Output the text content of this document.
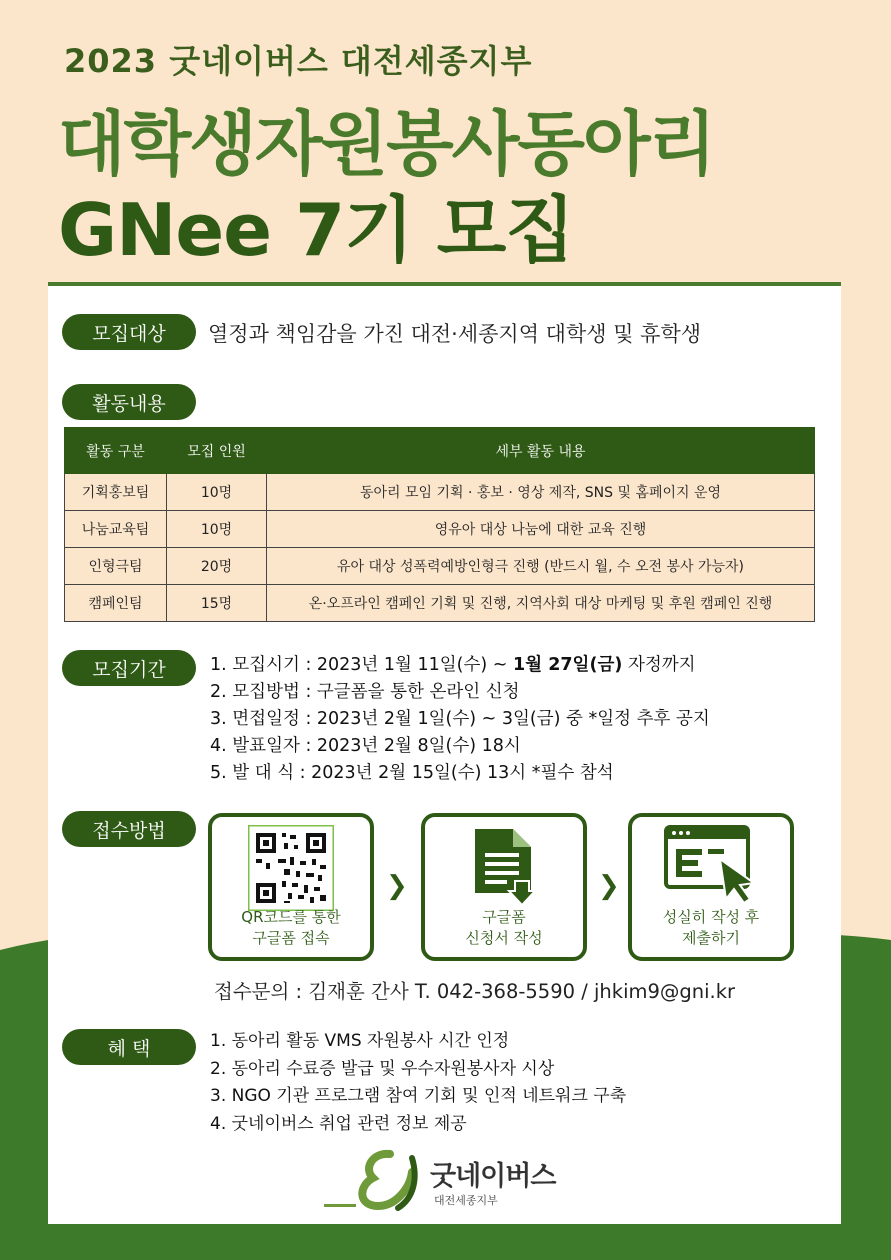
2023 굿네이버스 대전세종지부
대학생자원봉사동아리
GNee 7기 모집
모집대상	열정과 책임감을 가진 대전·세종지역 대학생 및 휴학생
활동내용
활동 구분	모집 인원	세부 활동 내용
기획홍보팀	10명	동아리 모임 기획 · 홍보 · 영상 제작, SNS 및 홈페이지 운영
나눔교육팀	10명	영유아 대상 나눔에 대한 교육 진행
인형극팀	20명	유아 대상 성폭력예방인형극 진행 (반드시 월, 수 오전 봉사 가능자)
캠페인팀	15명	온·오프라인 캠페인 기획 및 진행, 지역사회 대상 마케팅 및 후원 캠페인 진행
모집기간	1. 모집시기 : 2023년 1월 11일(수) ~ 1월 27일(금) 자정까지
2. 모집방법 : 구글폼을 통한 온라인 신청
3. 면접일정 : 2023년 2월 1일(수) ~ 3일(금) 중 *일정 추후 공지
4. 발표일자 : 2023년 2월 8일(수) 18시
5. 발 대 식 : 2023년 2월 15일(수) 13시 *필수 참석
접수방법
QR코드를 통한
구글폼 접속
❯
구글폼
신청서 작성
❯
성실히 작성 후
제출하기
접수문의 : 김재훈 간사 T. 042-368-5590 / jhkim9@gni.kr
혜 택	1. 동아리 활동 VMS 자원봉사 시간 인정
2. 동아리 수료증 발급 및 우수자원봉사자 시상
3. NGO 기관 프로그램 참여 기회 및 인적 네트워크 구축
4. 굿네이버스 취업 관련 정보 제공
굿네이버스
대전세종지부
